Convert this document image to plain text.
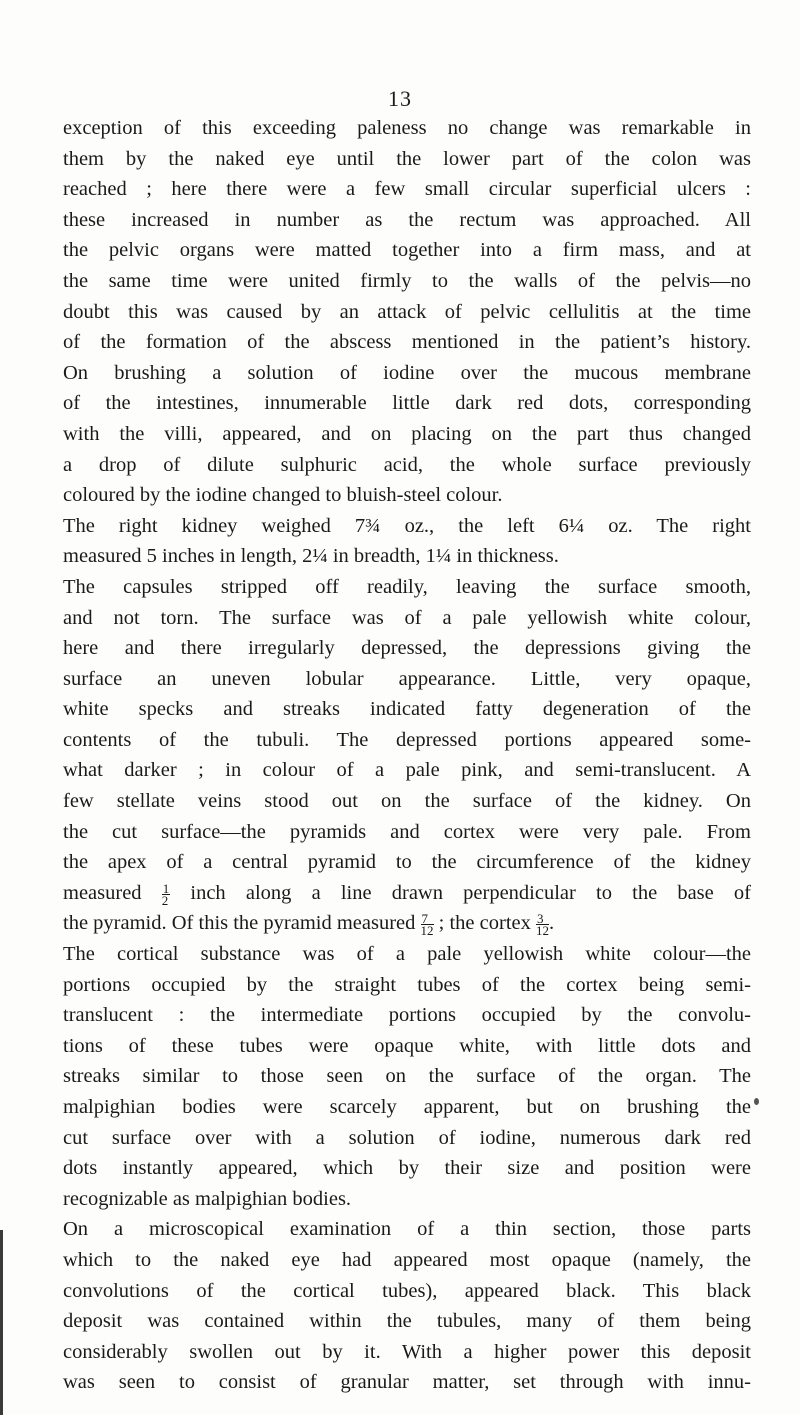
13
exception of this exceeding paleness no change was remarkable in
them by the naked eye until the lower part of the colon was
reached ; here there were a few small circular superficial ulcers :
these increased in number as the rectum was approached. All
the pelvic organs were matted together into a firm mass, and at
the same time were united firmly to the walls of the pelvis—no
doubt this was caused by an attack of pelvic cellulitis at the time
of the formation of the abscess mentioned in the patient’s history.
On brushing a solution of iodine over the mucous membrane
of the intestines, innumerable little dark red dots, corresponding
with the villi, appeared, and on placing on the part thus changed
a drop of dilute sulphuric acid, the whole surface previously
coloured by the iodine changed to bluish-steel colour.
The right kidney weighed 7¾ oz., the left 6¼ oz. The right
measured 5 inches in length, 2¼ in breadth, 1¼ in thickness.
The capsules stripped off readily, leaving the surface smooth,
and not torn. The surface was of a pale yellowish white colour,
here and there irregularly depressed, the depressions giving the
surface an uneven lobular appearance. Little, very opaque,
white specks and streaks indicated fatty degeneration of the
contents of the tubuli. The depressed portions appeared some-
what darker ; in colour of a pale pink, and semi-translucent. A
few stellate veins stood out on the surface of the kidney. On
the cut surface—the pyramids and cortex were very pale. From
the apex of a central pyramid to the circumference of the kidney
measured $\frac{1}{2}$ inch along a line drawn perpendicular to the base of
the pyramid. Of this the pyramid measured $\frac{7}{12}$ ; the cortex $\frac{3}{12}$ .
The cortical substance was of a pale yellowish white colour—the
portions occupied by the straight tubes of the cortex being semi-
translucent : the intermediate portions occupied by the convolu-
tions of these tubes were opaque white, with little dots and
streaks similar to those seen on the surface of the organ. The
malpighian bodies were scarcely apparent, but on brushing the
cut surface over with a solution of iodine, numerous dark red
dots instantly appeared, which by their size and position were
recognizable as malpighian bodies.
On a microscopical examination of a thin section, those parts
which to the naked eye had appeared most opaque (namely, the
convolutions of the cortical tubes), appeared black. This black
deposit was contained within the tubules, many of them being
considerably swollen out by it. With a higher power this deposit
was seen to consist of granular matter, set through with innu-
